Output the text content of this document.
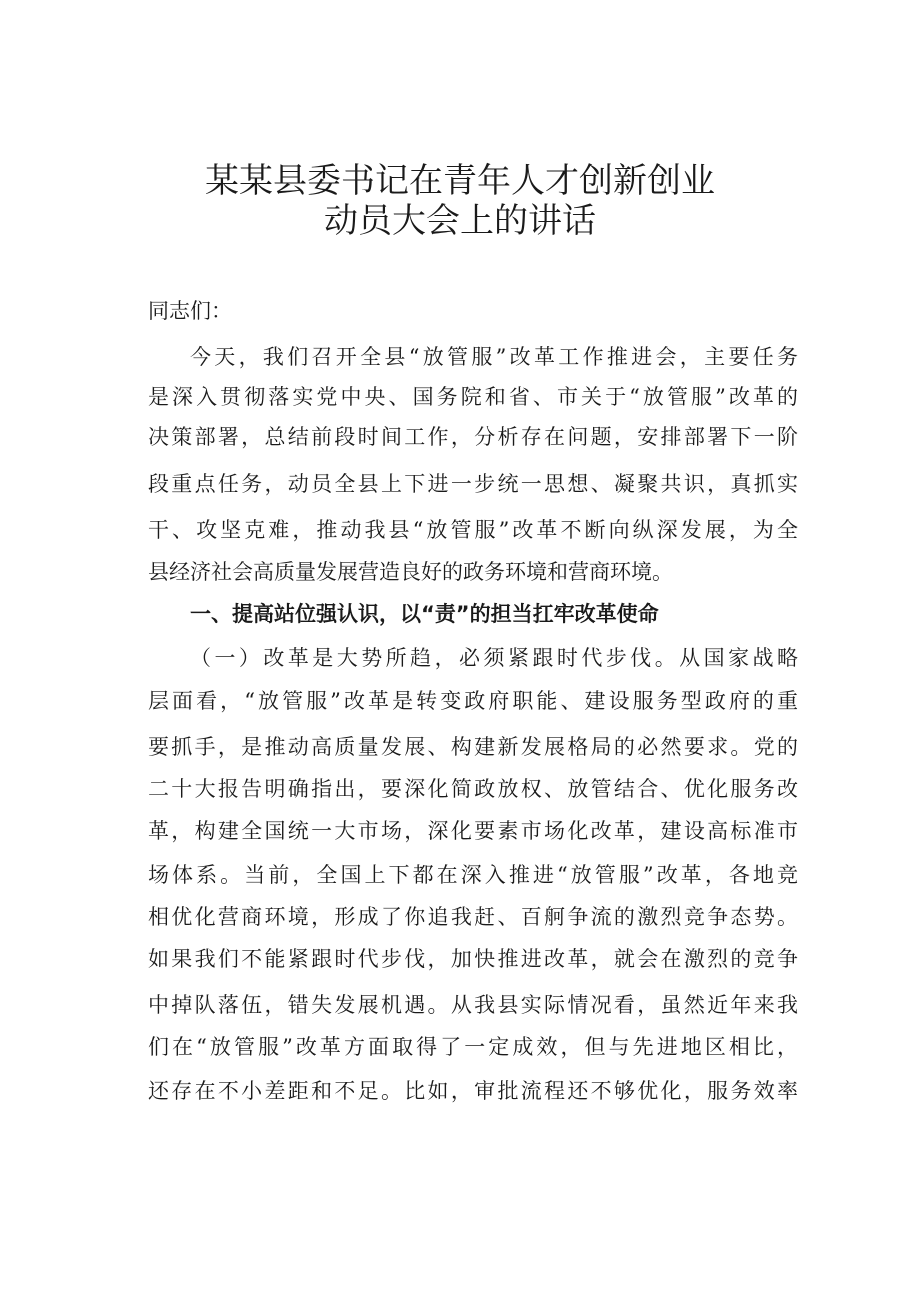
某某县委书记在青年人才创新创业
动员大会上的讲话

同志们：

今天，我们召开全县“放管服”改革工作推进会，主要任务

是深入贯彻落实党中央、国务院和省、市关于“放管服”改革的

决策部署，总结前段时间工作，分析存在问题，安排部署下一阶

段重点任务，动员全县上下进一步统一思想、凝聚共识，真抓实

干、攻坚克难，推动我县“放管服”改革不断向纵深发展，为全

县经济社会高质量发展营造良好的政务环境和营商环境。

一、提高站位强认识，以“责”的担当扛牢改革使命

（一）改革是大势所趋，必须紧跟时代步伐。从国家战略

层面看，“放管服”改革是转变政府职能、建设服务型政府的重

要抓手，是推动高质量发展、构建新发展格局的必然要求。党的

二十大报告明确指出，要深化简政放权、放管结合、优化服务改

革，构建全国统一大市场，深化要素市场化改革，建设高标准市

场体系。当前，全国上下都在深入推进“放管服”改革，各地竞

相优化营商环境，形成了你追我赶、百舸争流的激烈竞争态势。

如果我们不能紧跟时代步伐，加快推进改革，就会在激烈的竞争

中掉队落伍，错失发展机遇。从我县实际情况看，虽然近年来我

们在“放管服”改革方面取得了一定成效，但与先进地区相比，

还存在不小差距和不足。比如，审批流程还不够优化，服务效率
